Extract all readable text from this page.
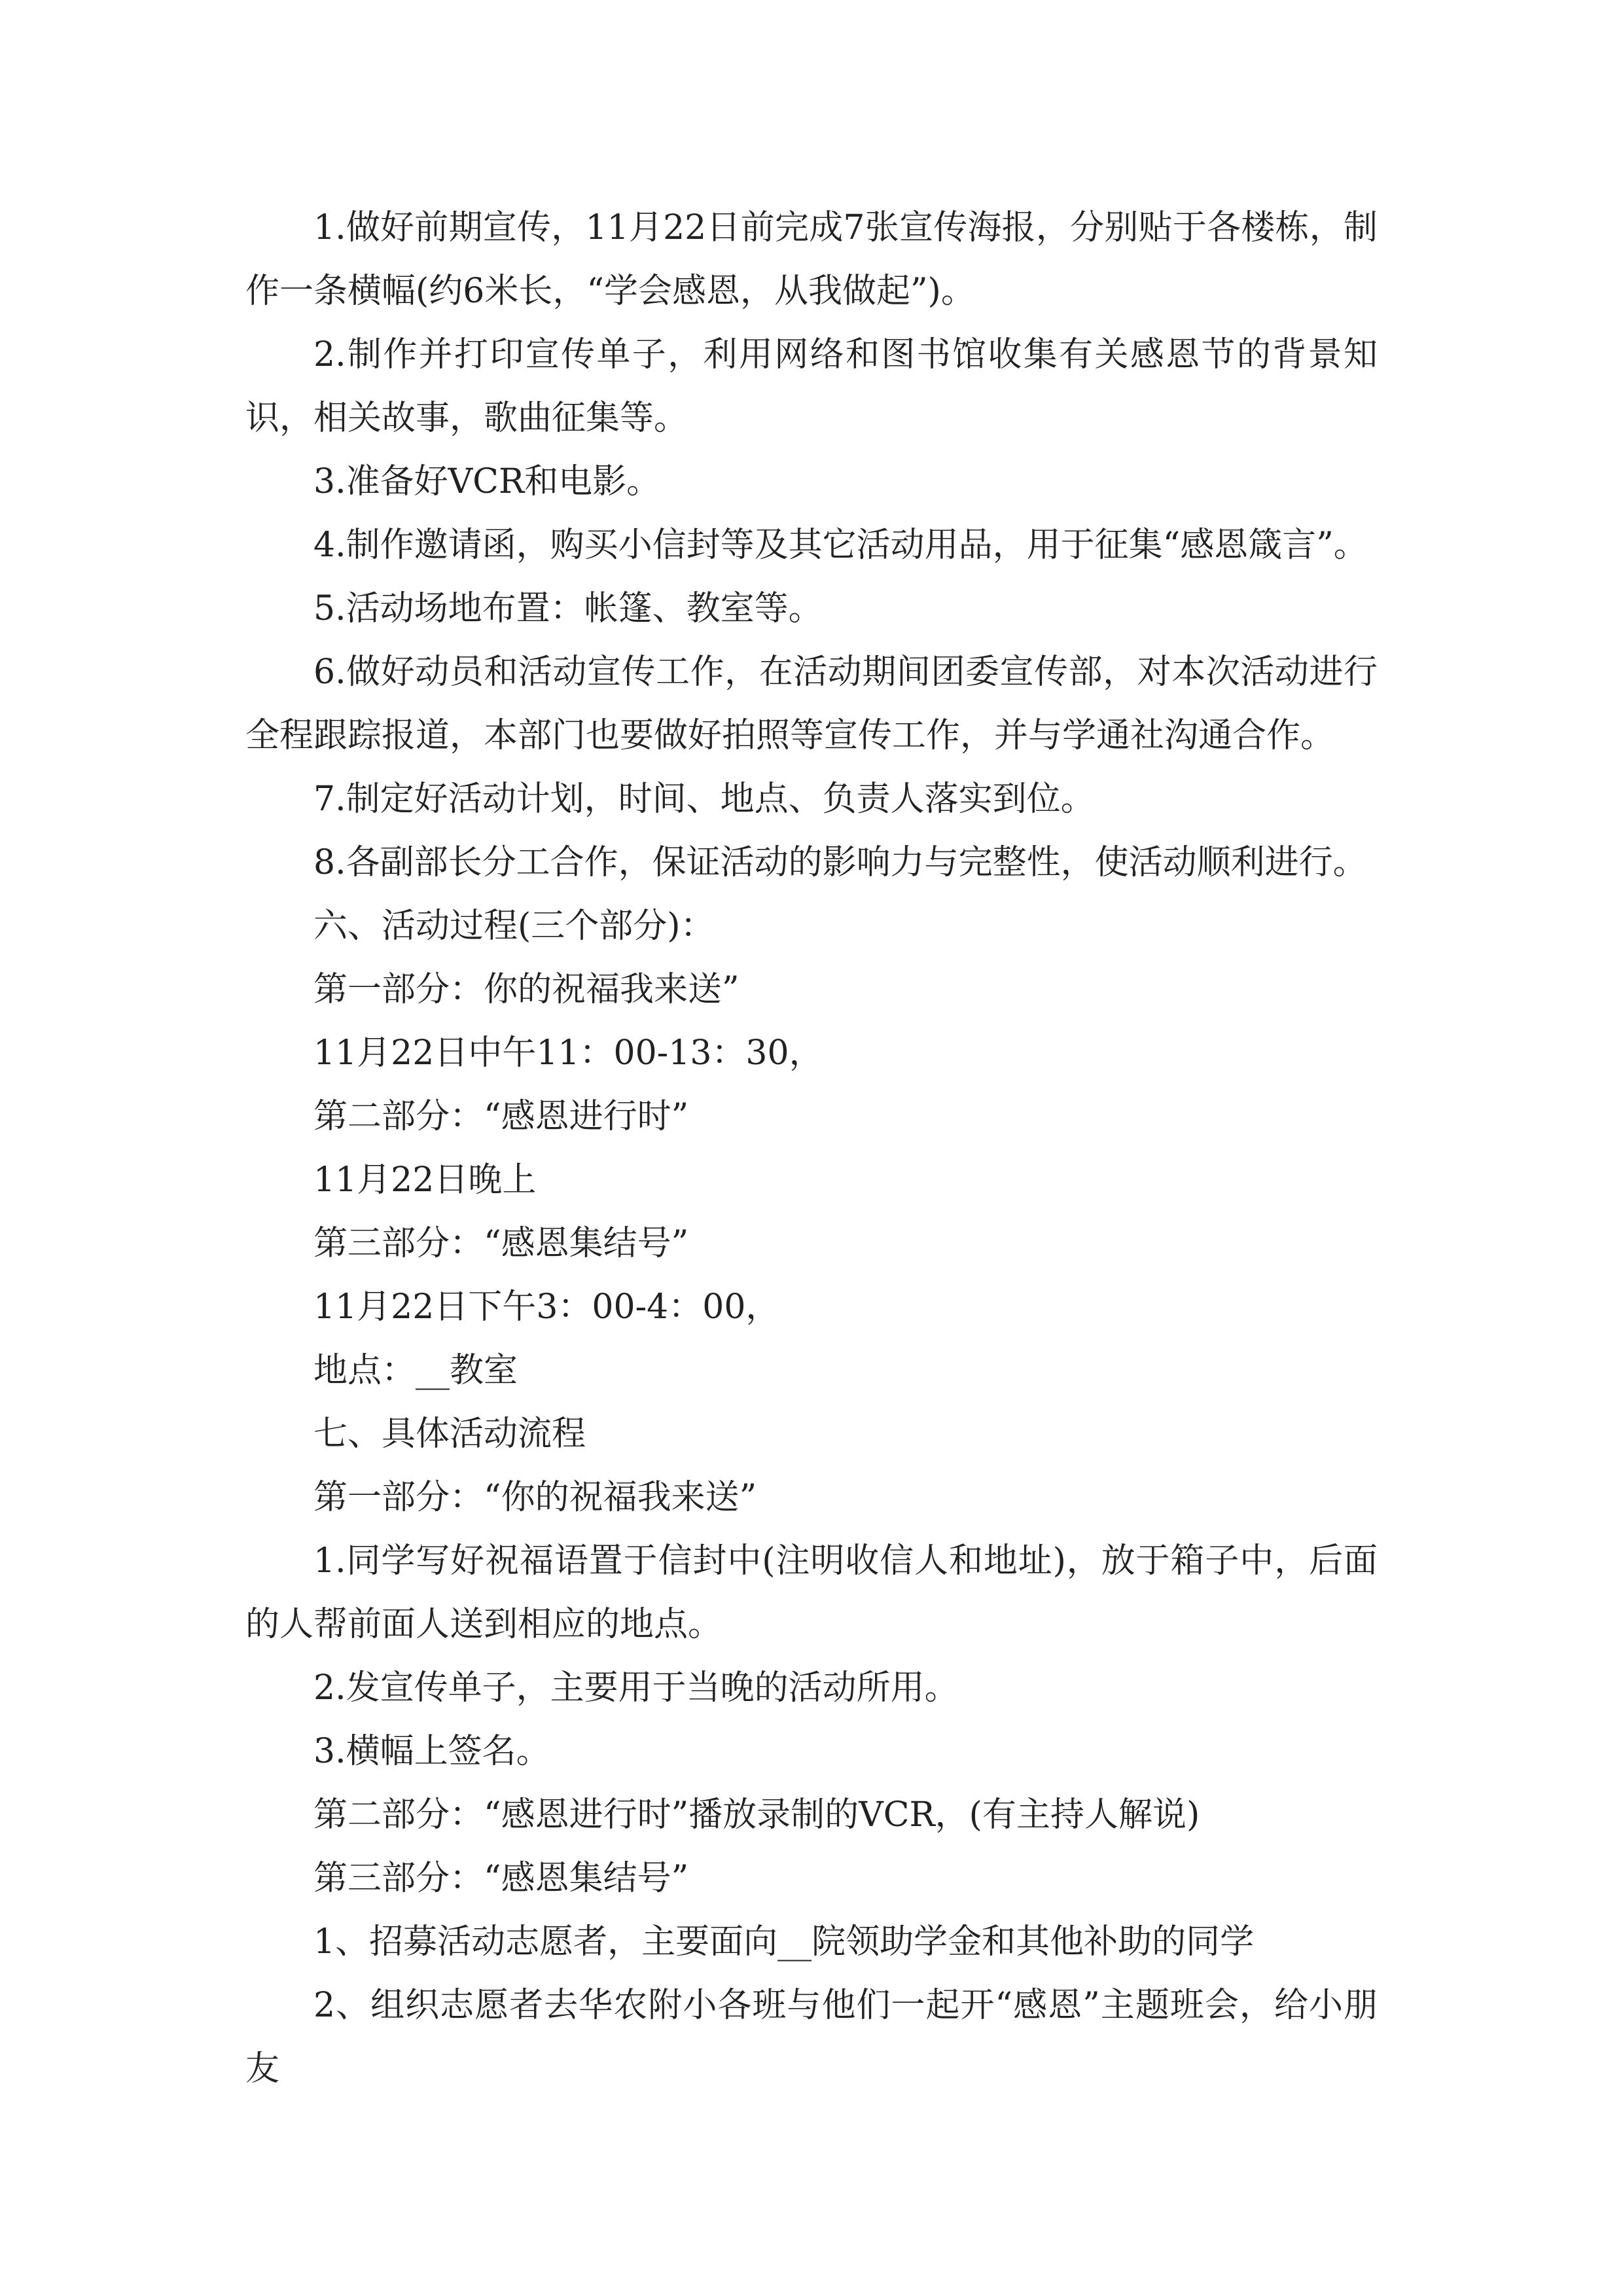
1.做好前期宣传，11月22日前完成7张宣传海报，分别贴于各楼栋，制作一条横幅(约6米长，“学会感恩，从我做起”)。

2.制作并打印宣传单子，利用网络和图书馆收集有关感恩节的背景知识，相关故事，歌曲征集等。

3.准备好VCR和电影。

4.制作邀请函，购买小信封等及其它活动用品，用于征集“感恩箴言”。

5.活动场地布置：帐篷、教室等。

6.做好动员和活动宣传工作，在活动期间团委宣传部，对本次活动进行全程跟踪报道，本部门也要做好拍照等宣传工作，并与学通社沟通合作。

7.制定好活动计划，时间、地点、负责人落实到位。

8.各副部长分工合作，保证活动的影响力与完整性，使活动顺利进行。

六、活动过程(三个部分)：

第一部分：你的祝福我来送”

11月22日中午11：00-13：30，

第二部分：“感恩进行时”

11月22日晚上

第三部分：“感恩集结号”

11月22日下午3：00-4：00，

地点：__教室

七、具体活动流程

第一部分：“你的祝福我来送”

1.同学写好祝福语置于信封中(注明收信人和地址)，放于箱子中，后面的人帮前面人送到相应的地点。

2.发宣传单子，主要用于当晚的活动所用。

3.横幅上签名。

第二部分：“感恩进行时”播放录制的VCR，(有主持人解说)

第三部分：“感恩集结号”

1、招募活动志愿者，主要面向__院领助学金和其他补助的同学

2、组织志愿者去华农附小各班与他们一起开“感恩”主题班会，给小朋友
